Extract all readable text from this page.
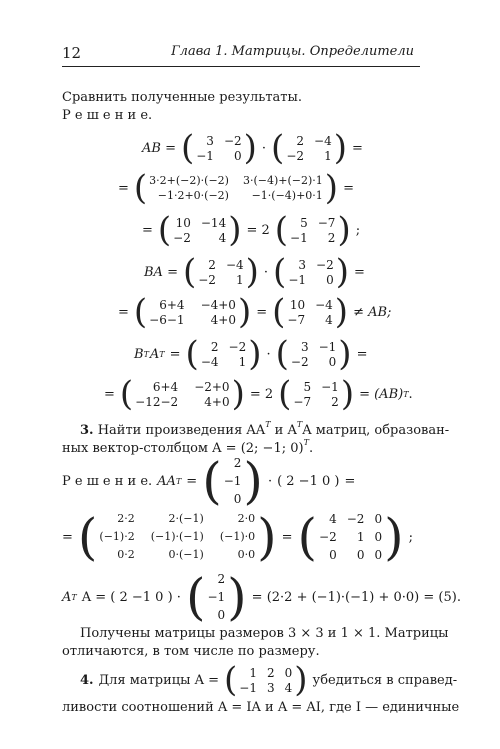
12	Глава 1. Матрицы. Определители
Сравнить полученные результаты.
Р е ш е н и е.
AB = (	3 −2
−1	0 ) · (	2 −4
−2	1 ) =
= ( 3·2+(−2)·(−2) 3·(−4)+(−2)·1
−1·2+0·(−2)	−1·(−4)+0·1 ) =
= ( 10 −14
−2	4 ) = 2 (	5 −7
−1	2 ) ;
BA = (	2 −4
−2	1 ) · (	3 −2
−1	0 ) =
= (	6+4 −4+0
−6−1	4+0 ) = ( 10 −4
−7	4 ) ≠ AB;
B T A T = (	2 −2
−4	1 ) · (	3 −1
−2	0 ) =
= (	6+4 −2+0
−12−2	4+0 ) = 2 (	5 −1
−7	2 ) = (AB) T .
3. Найти произведения $AA^T$ и $A^TA$ матриц, образован-
ных вектор-столбцом A = (2; −1; 0)$^T$.
Р е ш е н и е. AA T = (	2
−1
0 ) · ( 2 −1 0 ) =
= (	2·2	2·(−1)	2·0
(−1)·2 (−1)·(−1) (−1)·0
0·2	0·(−1)	0·0 ) = (	4 −2 0
−2	1 0
0	0 0 ) ;
A T A = ( 2 −1 0 ) · (	2
−1
0 ) = (2·2 + (−1)·(−1) + 0·0) = (5).
Получены матрицы размеров 3 × 3 и 1 × 1. Матрицы
отличаются, в том числе по размеру.
4. Для матрицы A = (	1 2 0
−1 3 4 ) убедиться в справед-
ливости соотношений A = IA и A = AI, где I — единичные
